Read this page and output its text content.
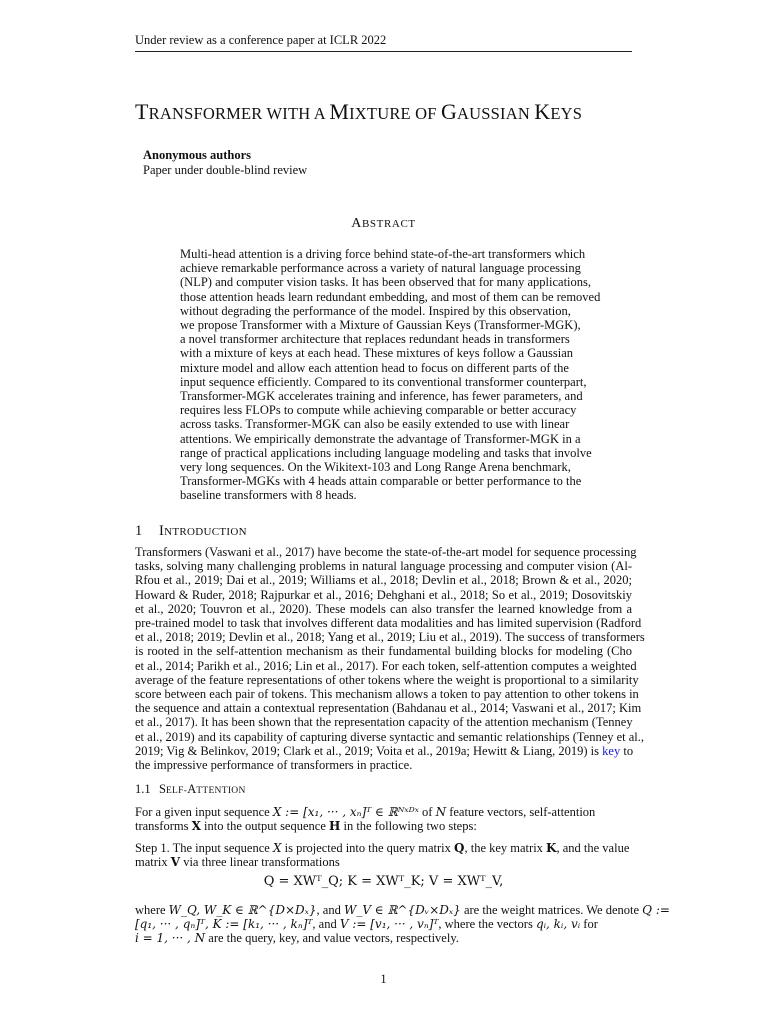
Under review as a conference paper at ICLR 2022
TRANSFORMER WITH A MIXTURE OF GAUSSIAN KEYS
Anonymous authors
Paper under double-blind review
ABSTRACT
Multi-head attention is a driving force behind state-of-the-art transformers which
achieve remarkable performance across a variety of natural language processing
(NLP) and computer vision tasks. It has been observed that for many applications,
those attention heads learn redundant embedding, and most of them can be removed
without degrading the performance of the model. Inspired by this observation,
we propose Transformer with a Mixture of Gaussian Keys (Transformer-MGK),
a novel transformer architecture that replaces redundant heads in transformers
with a mixture of keys at each head. These mixtures of keys follow a Gaussian
mixture model and allow each attention head to focus on different parts of the
input sequence efficiently. Compared to its conventional transformer counterpart,
Transformer-MGK accelerates training and inference, has fewer parameters, and
requires less FLOPs to compute while achieving comparable or better accuracy
across tasks. Transformer-MGK can also be easily extended to use with linear
attentions. We empirically demonstrate the advantage of Transformer-MGK in a
range of practical applications including language modeling and tasks that involve
very long sequences. On the Wikitext-103 and Long Range Arena benchmark,
Transformer-MGKs with 4 heads attain comparable or better performance to the
baseline transformers with 8 heads.
1 INTRODUCTION
Transformers (Vaswani et al., 2017) have become the state-of-the-art model for sequence processing
tasks, solving many challenging problems in natural language processing and computer vision (Al-
Rfou et al., 2019; Dai et al., 2019; Williams et al., 2018; Devlin et al., 2018; Brown & et al., 2020;
Howard & Ruder, 2018; Rajpurkar et al., 2016; Dehghani et al., 2018; So et al., 2019; Dosovitskiy
et al., 2020; Touvron et al., 2020). These models can also transfer the learned knowledge from a
pre-trained model to task that involves different data modalities and has limited supervision (Radford
et al., 2018; 2019; Devlin et al., 2018; Yang et al., 2019; Liu et al., 2019). The success of transformers
is rooted in the self-attention mechanism as their fundamental building blocks for modeling (Cho
et al., 2014; Parikh et al., 2016; Lin et al., 2017). For each token, self-attention computes a weighted
average of the feature representations of other tokens where the weight is proportional to a similarity
score between each pair of tokens. This mechanism allows a token to pay attention to other tokens in
the sequence and attain a contextual representation (Bahdanau et al., 2014; Vaswani et al., 2017; Kim
et al., 2017). It has been shown that the representation capacity of the attention mechanism (Tenney
et al., 2019) and its capability of capturing diverse syntactic and semantic relationships (Tenney et al.,
2019; Vig & Belinkov, 2019; Clark et al., 2019; Voita et al., 2019a; Hewitt & Liang, 2019) is key to
the impressive performance of transformers in practice.
1.1 SELF-ATTENTION
For a given input sequence X := [x₁, ··· , xₙ]ᵀ ∈ ℝᴺˣᴰˣ of N feature vectors, self-attention
transforms X into the output sequence H in the following two steps:
Step 1. The input sequence X is projected into the query matrix Q, the key matrix K, and the value
matrix V via three linear transformations
Q = XWᵀ_Q; K = XWᵀ_K; V = XWᵀ_V,
where W_Q, W_K ∈ ℝ^{D×Dₓ}, and W_V ∈ ℝ^{Dᵥ×Dₓ} are the weight matrices. We denote Q :=
[q₁, ··· , qₙ]ᵀ, K := [k₁, ··· , kₙ]ᵀ, and V := [v₁, ··· , vₙ]ᵀ, where the vectors qᵢ, kᵢ, vᵢ for
i = 1, ··· , N are the query, key, and value vectors, respectively.
1
